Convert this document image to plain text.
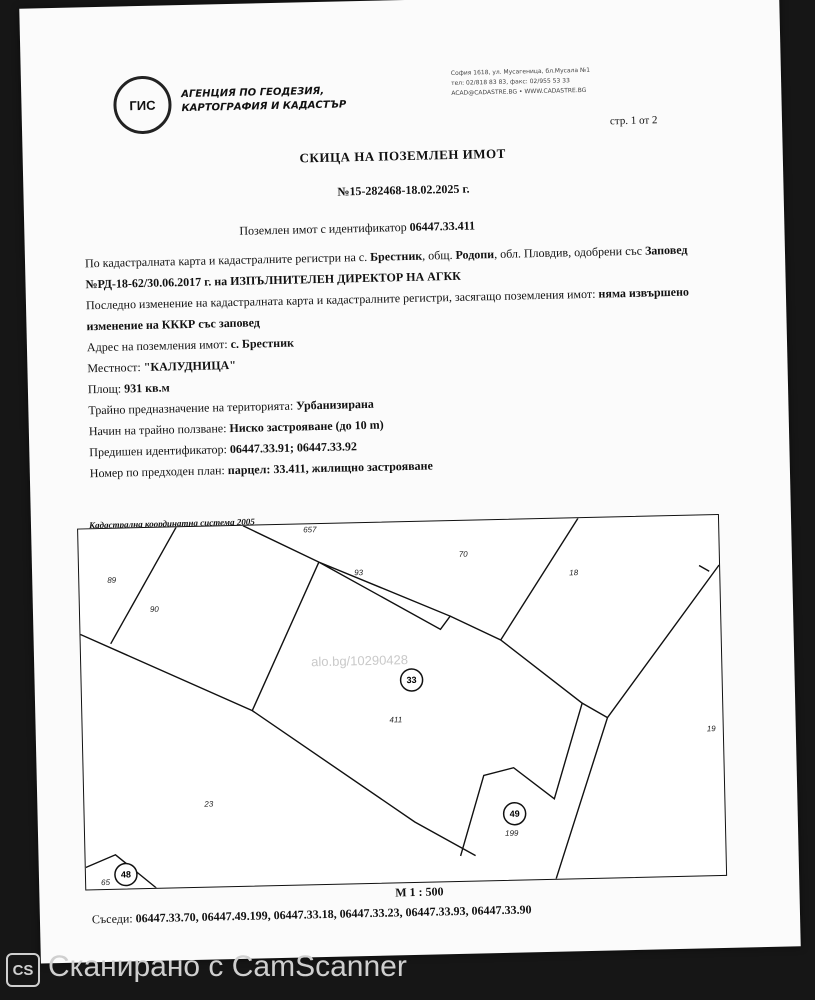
ГИС
АГЕНЦИЯ ПО ГЕОДЕЗИЯ,
КАРТОГРАФИЯ И КАДАСТЪР
София 1618, ул. Мусагеница, бл.Мусала №1
тел: 02/818 83 83, факс: 02/955 53 33
ACAD@CADASTRE.BG • WWW.CADASTRE.BG
стр. 1 от 2
СКИЦА НА ПОЗЕМЛЕН ИМОТ
№15-282468-18.02.2025 г.
Поземлен имот с идентификатор 06447.33.411
По кадастралната карта и кадастралните регистри на с. Брестник, общ. Родопи, обл. Пловдив, одобрени със Заповед №РД-18-62/30.06.2017 г. на ИЗПЪЛНИТЕЛЕН ДИРЕКТОР НА АГКК
Последно изменение на кадастралната карта и кадастралните регистри, засягащо поземления имот: няма извършено изменение на КККР със заповед
Адрес на поземления имот: с. Брестник
Местност: "КАЛУДНИЦА"
Площ: 931 кв.м
Трайно предназначение на територията: Урбанизирана
Начин на трайно ползване: Ниско застрояване (до 10 m)
Предишен идентификатор: 06447.33.91; 06447.33.92
Номер по предходен план: парцел: 33.411, жилищно застрояване
Кадастрална координатна система 2005	657
70
93	18
89
90
411
19
23
65
199
33
49
48
alo.bg/10290428
M 1 : 500
Съседи: 06447.33.70, 06447.49.199, 06447.33.18, 06447.33.23, 06447.33.93, 06447.33.90
CS Сканирано с CamScanner
